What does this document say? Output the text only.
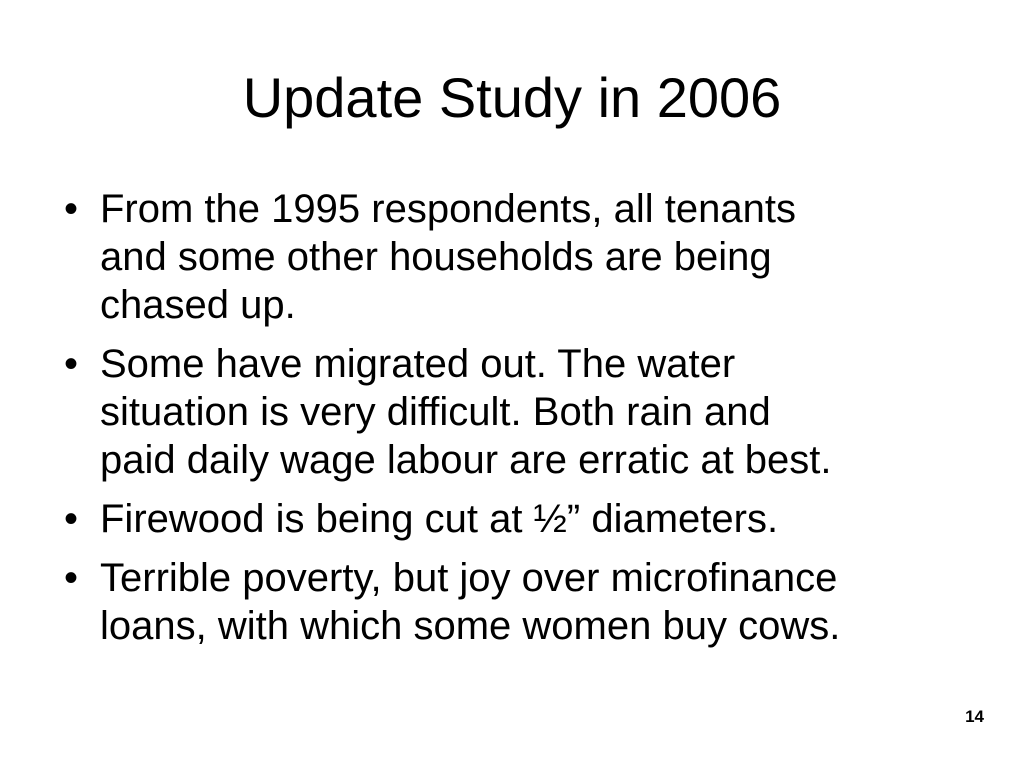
Update Study in 2006
• From the 1995 respondents, all tenants
and some other households are being
chased up.
• Some have migrated out. The water
situation is very difficult. Both rain and
paid daily wage labour are erratic at best.
• Firewood is being cut at ½” diameters.
• Terrible poverty, but joy over microfinance
loans, with which some women buy cows.
14
